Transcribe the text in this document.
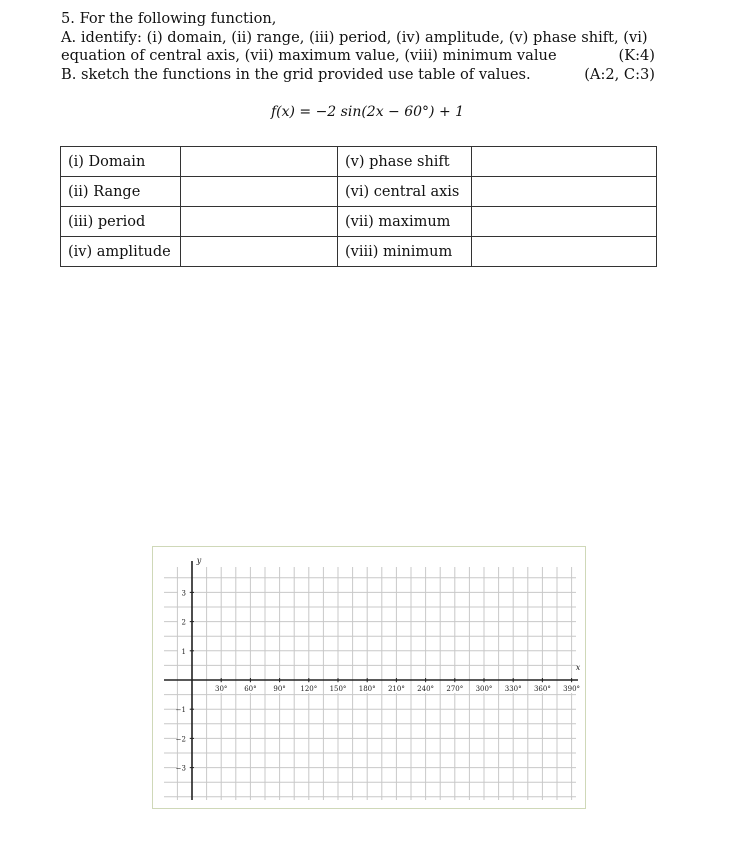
5. For the following function,
A. identify: (i) domain, (ii) range, (iii) period, (iv) amplitude, (v) phase shift, (vi)
equation of central axis, (vii) maximum value, (viii) minimum value	(K:4)
B. sketch the functions in the grid provided use table of values.	(A:2, C:3)
f(x) = −2 sin(2x − 60°) + 1
(i) Domain		(v) phase shift	
(ii) Range		(vi) central axis	
(iii) period		(vii) maximum	
(iv) amplitude		(viii) minimum	
x
y
30° 60° 90° 120° 150° 180° 210° 240° 270° 300° 330° 360° 390°
3
2
1
−1
−2
−3
